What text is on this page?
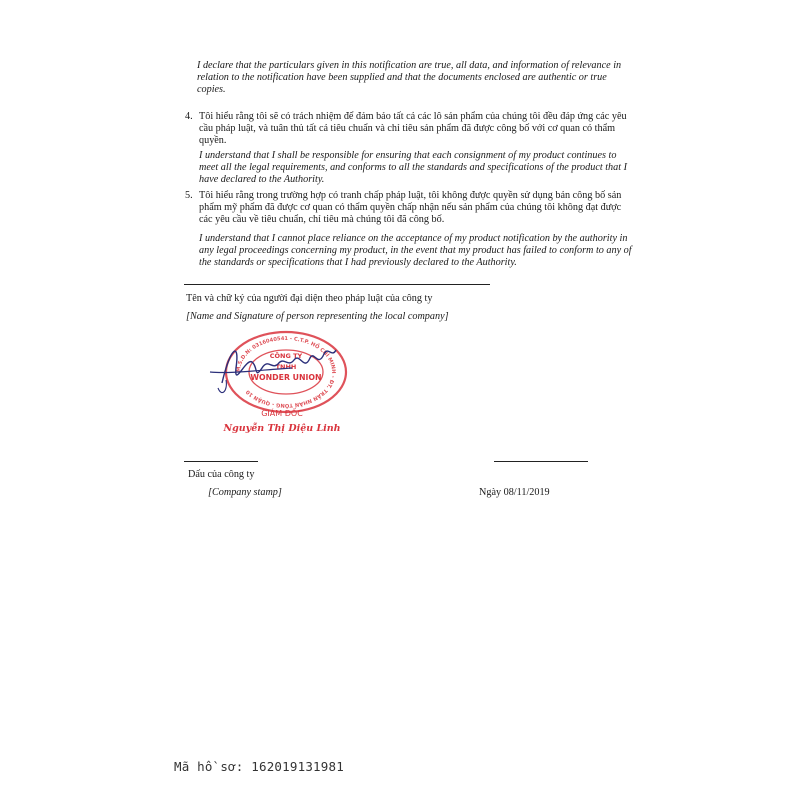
I declare that the particulars given in this notification are true, all data, and information of relevance in relation to the notification have been supplied and that the documents enclosed are authentic or true copies.
4. Tôi hiểu rằng tôi sẽ có trách nhiệm để đảm bảo tất cả các lô sản phẩm của chúng tôi đều đáp ứng các yêu cầu pháp luật, và tuân thủ tất cả tiêu chuẩn và chỉ tiêu sản phẩm đã được công bố với cơ quan có thẩm quyền.
I understand that I shall be responsible for ensuring that each consignment of my product continues to meet all the legal requirements, and conforms to all the standards and specifications of the product that I have declared to the Authority.
5. Tôi hiểu rằng trong trường hợp có tranh chấp pháp luật, tôi không được quyền sử dụng bản công bố sản phẩm mỹ phẩm đã được cơ quan có thẩm quyền chấp nhận nếu sản phẩm của chúng tôi không đạt được các yêu cầu về tiêu chuẩn, chỉ tiêu mà chúng tôi đã công bố.
I understand that I cannot place reliance on the acceptance of my product notification by the authority in any legal proceedings concerning my product, in the event that my product has failed to conform to any of the standards or specifications that I had previously declared to the Authority.
Tên và chữ ký của người đại diện theo pháp luật của công ty
[Name and Signature of person representing the local company]
M.S.D.N: 0316040541 - C.T.P. HỒ CHÍ MINH - ĐT. TRẦN NHÂN TÔNG - QUẬN 10
CÔNG TY
TNHH
WONDER UNION
GIÁM ĐỐC
Nguyễn Thị Diệu Linh
Dấu của công ty
[Company stamp]	Ngày 08/11/2019
Mã hồ sơ: 162019131981
